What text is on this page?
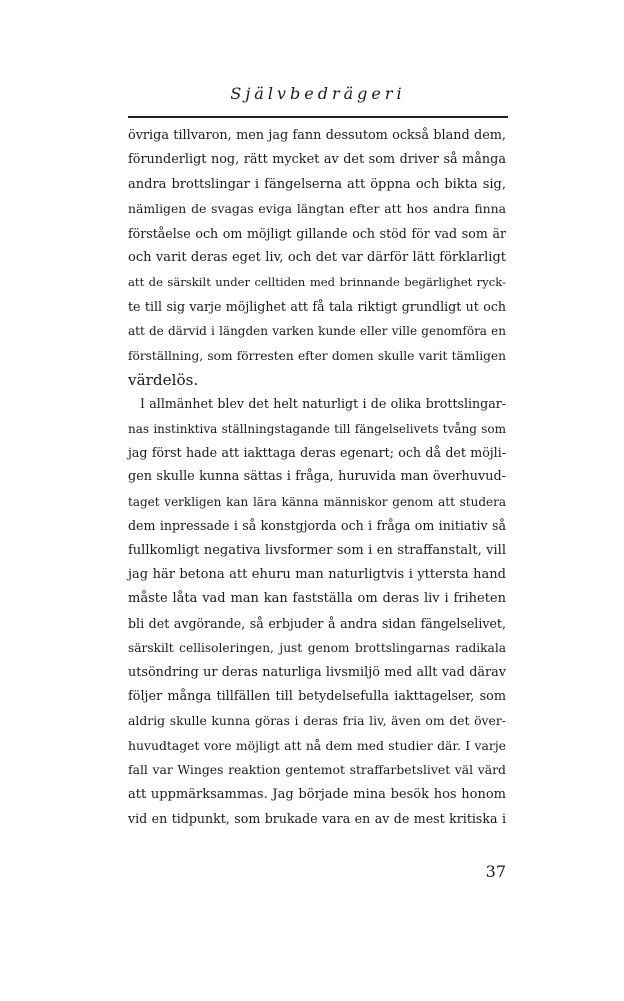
Självbedrägeri
övriga tillvaron, men jag fann dessutom också bland dem,
förunderligt nog, rätt mycket av det som driver så många
andra brottslingar i fängelserna att öppna och bikta sig,
nämligen de svagas eviga längtan efter att hos andra finna
förståelse och om möjligt gillande och stöd för vad som är
och varit deras eget liv, och det var därför lätt förklarligt
att de särskilt under celltiden med brinnande begärlighet ryck-
te till sig varje möjlighet att få tala riktigt grundligt ut och
att de därvid i längden varken kunde eller ville genomföra en
förställning, som förresten efter domen skulle varit tämligen
värdelös.
I allmänhet blev det helt naturligt i de olika brottslingar-
nas instinktiva ställningstagande till fängelselivets tvång som
jag först hade att iakttaga deras egenart; och då det möjli-
gen skulle kunna sättas i fråga, huruvida man överhuvud-
taget verkligen kan lära känna människor genom att studera
dem inpressade i så konstgjorda och i fråga om initiativ så
fullkomligt negativa livsformer som i en straffanstalt, vill
jag här betona att ehuru man naturligtvis i yttersta hand
måste låta vad man kan fastställa om deras liv i friheten
bli det avgörande, så erbjuder å andra sidan fängelselivet,
särskilt cellisoleringen, just genom brottslingarnas radikala
utsöndring ur deras naturliga livsmiljö med allt vad därav
följer många tillfällen till betydelsefulla iakttagelser, som
aldrig skulle kunna göras i deras fria liv, även om det över-
huvudtaget vore möjligt att nå dem med studier där. I varje
fall var Winges reaktion gentemot straffarbetslivet väl värd
att uppmärksammas. Jag började mina besök hos honom
vid en tidpunkt, som brukade vara en av de mest kritiska i
37
